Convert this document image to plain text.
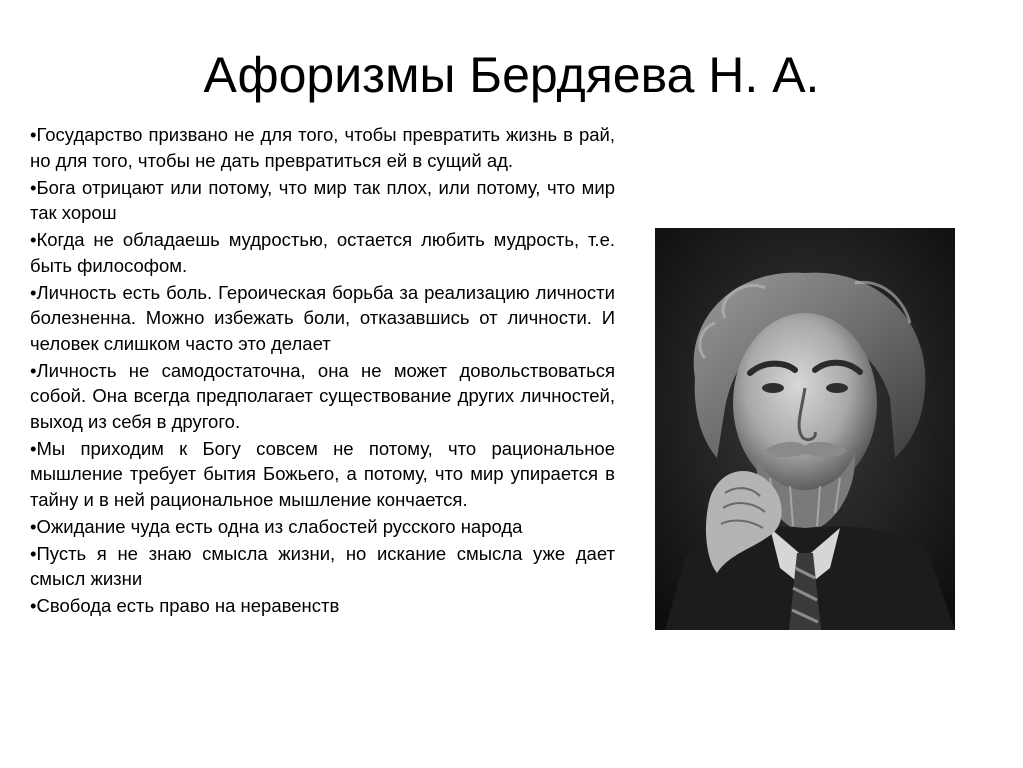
Афоризмы Бердяева Н. А.
•Государство призвано не для того, чтобы превратить жизнь в рай, но для того, чтобы не дать превратиться ей в сущий ад.
•Бога отрицают или потому, что мир так плох, или потому, что мир так хорош
•Когда не обладаешь мудростью, остается любить мудрость, т.е. быть философом.
•Личность есть боль. Героическая борьба за реализацию личности болезненна. Можно избежать боли, отказавшись от личности. И человек слишком часто это делает
•Личность не самодостаточна, она не может довольствоваться собой. Она всегда предполагает существование других личностей, выход из себя в другого.
•Мы приходим к Богу совсем не потому, что рациональное мышление требует бытия Божьего, а потому, что мир упирается в тайну и в ней рациональное мышление кончается.
•Ожидание чуда есть одна из слабостей русского народа
•Пусть я не знаю смысла жизни, но искание смысла уже дает смысл жизни
•Свобода есть право на неравенств
